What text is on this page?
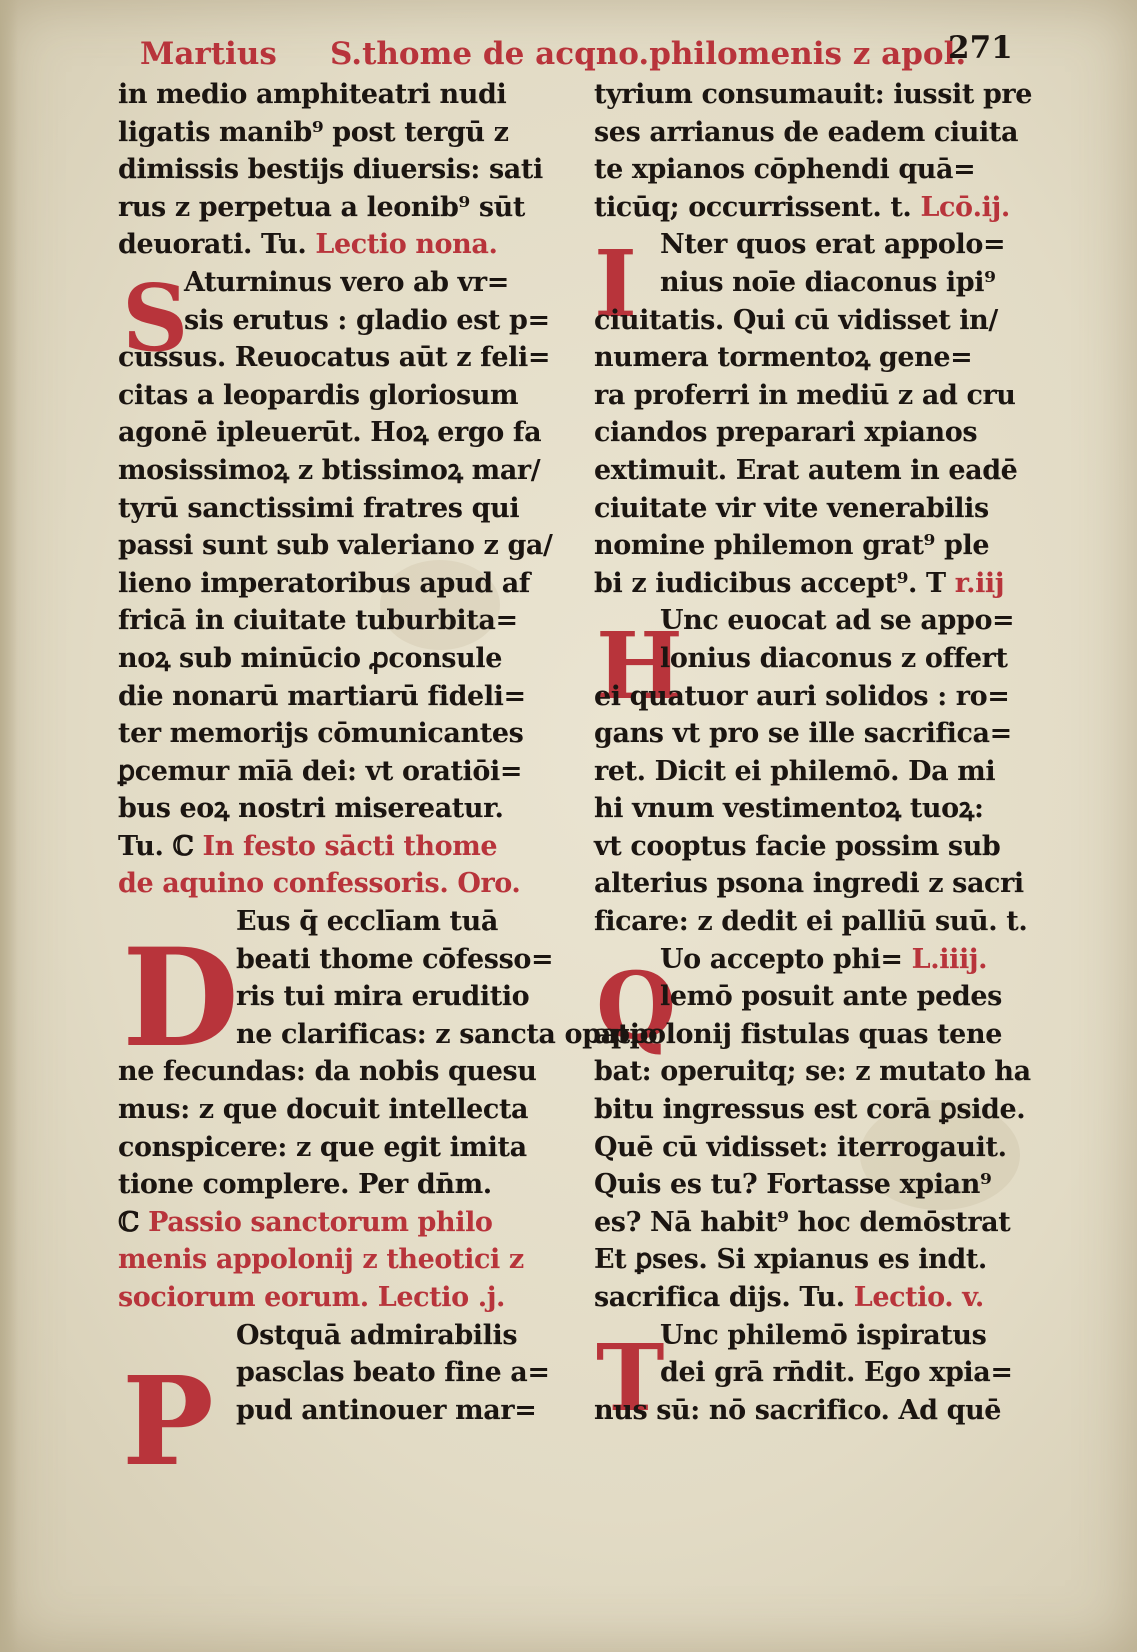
Martius S.thome de acqno.philomenis z apol.
271
S
D
P
I
H
Q
T
in medio amphiteatri nudi
ligatis manib⁹ post tergū z
dimissis bestijs diuersis: sati
rus z perpetua a leonib⁹ sūt
deuorati. Tu. Lectio nona.
Aturninus vero ab vr=
sis erutus : gladio est p=
cussus. Reuocatus aūt z feli=
citas a leopardis gloriosum
agonē ipleuerūt. Hoꝝ ergo fa
mosissimoꝝ z btissimoꝝ mar/
tyrū sanctissimi fratres qui
passi sunt sub valeriano z ga/
lieno imperatoribus apud af
fricā in ciuitate tuburbita=
noꝝ sub minūcio ꝓconsule
die nonarū martiarū fideli=
ter memorijs cōmunicantes
ꝑcemur mīā dei: vt oratiōi=
bus eoꝝ nostri misereatur.
Tu. ℂ In festo sācti thome
de aquino confessoris. Oro.
Eus q̄ ecclīam tuā
beati thome cōfesso=
ris tui mira eruditio
ne clarificas: z sancta opatio
ne fecundas: da nobis quesu
mus: z que docuit intellecta
conspicere: z que egit imita
tione complere. Per dn̄m.
ℂ Passio sanctorum philo
menis appolonij z theotici z
sociorum eorum. Lectio .j.
Ostquā admirabilis
pasclas beato fine a=
pud antinouer mar=
tyrium consumauit: iussit pre
ses arrianus de eadem ciuita
te xpianos cōphendi quā=
ticūq; occurrissent. t. Lcō.ij.
Nter quos erat appolo=
nius noīe diaconus ipi⁹
ciuitatis. Qui cū vidisset in/
numera tormentoꝝ gene=
ra proferri in mediū z ad cru
ciandos preparari xpianos
extimuit. Erat autem in eadē
ciuitate vir vite venerabilis
nomine philemon grat⁹ ple
bi z iudicibus accept⁹. T r.iij
Unc euocat ad se appo=
lonius diaconus z offert
ei quatuor auri solidos : ro=
gans vt pro se ille sacrifica=
ret. Dicit ei philemō. Da mi
hi vnum vestimentoꝝ tuoꝝ:
vt cooptus facie possim sub
alterius psona ingredi z sacri
ficare: z dedit ei palliū suū. t.
Uo accepto phi= L.iiij.
lemō posuit ante pedes
appolonij fistulas quas tene
bat: operuitq; se: z mutato ha
bitu ingressus est corā ꝑside.
Quē cū vidisset: iterrogauit.
Quis es tu? Fortasse xpian⁹
es? Nā habit⁹ hoc demōstrat
Et ꝑses. Si xpianus es indt.
sacrifica dijs. Tu. Lectio. v.
Unc philemō ispiratus
dei grā rn̄dit. Ego xpia=
nus sū: nō sacrifico. Ad quē
